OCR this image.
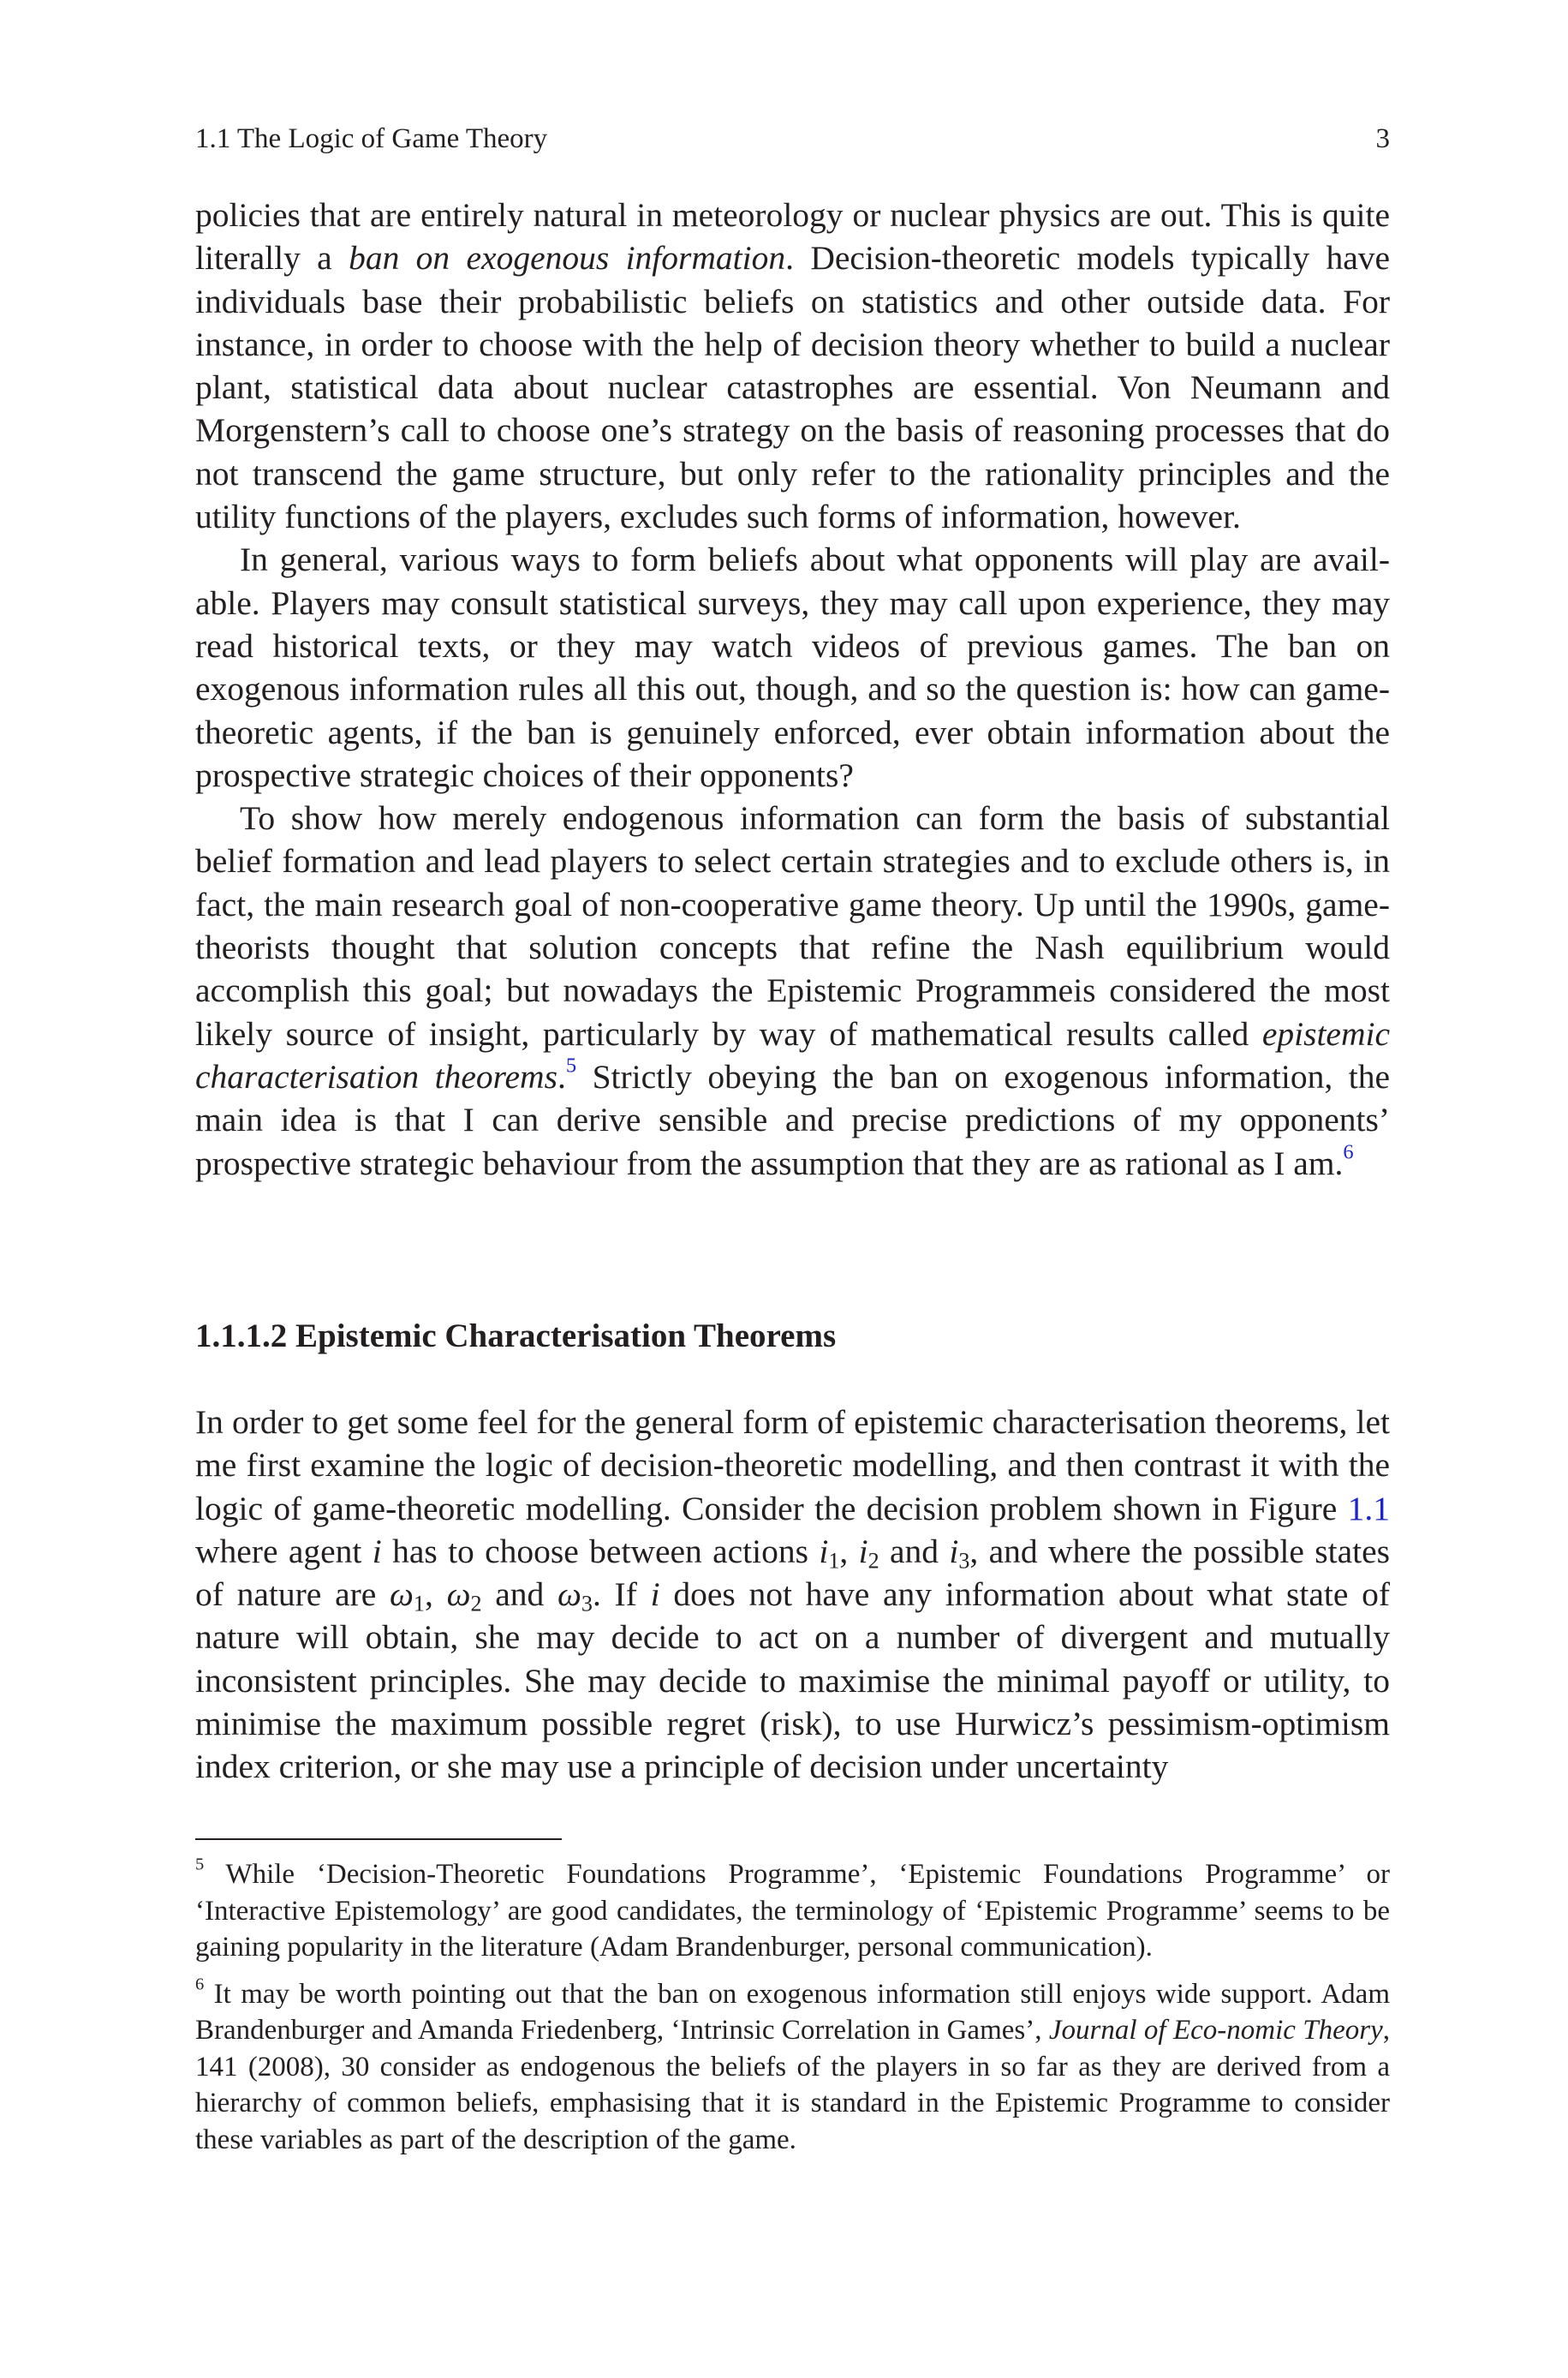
1.1 The Logic of Game Theory	3

policies that are entirely natural in meteorology or nuclear physics are out. This is quite literally a ban on exogenous information. Decision-theoretic models typically have individuals base their probabilistic beliefs on statistics and other outside data. For instance, in order to choose with the help of decision theory whether to build a nuclear plant, statistical data about nuclear catastrophes are essential. Von Neumann and Morgenstern’s call to choose one’s strategy on the basis of reasoning processes that do not transcend the game structure, but only refer to the rationality principles and the utility functions of the players, excludes such forms of information, however.

In general, various ways to form beliefs about what opponents will play are avail-able. Players may consult statistical surveys, they may call upon experience, they may read historical texts, or they may watch videos of previous games. The ban on exogenous information rules all this out, though, and so the question is: how can game-theoretic agents, if the ban is genuinely enforced, ever obtain information about the prospective strategic choices of their opponents?

To show how merely endogenous information can form the basis of substantial belief formation and lead players to select certain strategies and to exclude others is, in fact, the main research goal of non-cooperative game theory. Up until the 1990s, game-theorists thought that solution concepts that refine the Nash equilibrium would accomplish this goal; but nowadays the Epistemic Programmeis considered the most likely source of insight, particularly by way of mathematical results called epistemic characterisation theorems.$^5$ Strictly obeying the ban on exogenous information, the main idea is that I can derive sensible and precise predictions of my opponents’ prospective strategic behaviour from the assumption that they are as rational as I am.$^6$

1.1.1.2 Epistemic Characterisation Theorems

In order to get some feel for the general form of epistemic characterisation theorems, let me first examine the logic of decision-theoretic modelling, and then contrast it with the logic of game-theoretic modelling. Consider the decision problem shown in Figure 1.1 where agent i has to choose between actions $i_1$, $i_2$ and $i_3$, and where the possible states of nature are $\omega_1$, $\omega_2$ and $\omega_3$. If i does not have any information about what state of nature will obtain, she may decide to act on a number of divergent and mutually inconsistent principles. She may decide to maximise the minimal payoff or utility, to minimise the maximum possible regret (risk), to use Hurwicz’s pessimism-optimism index criterion, or she may use a principle of decision under uncertainty

$^5$ While ‘Decision-Theoretic Foundations Programme’, ‘Epistemic Foundations Programme’ or ‘Interactive Epistemology’ are good candidates, the terminology of ‘Epistemic Programme’ seems to be gaining popularity in the literature (Adam Brandenburger, personal communication).

$^6$ It may be worth pointing out that the ban on exogenous information still enjoys wide support. Adam Brandenburger and Amanda Friedenberg, ‘Intrinsic Correlation in Games’, Journal of Eco-nomic Theory, 141 (2008), 30 consider as endogenous the beliefs of the players in so far as they are derived from a hierarchy of common beliefs, emphasising that it is standard in the Epistemic Programme to consider these variables as part of the description of the game.
